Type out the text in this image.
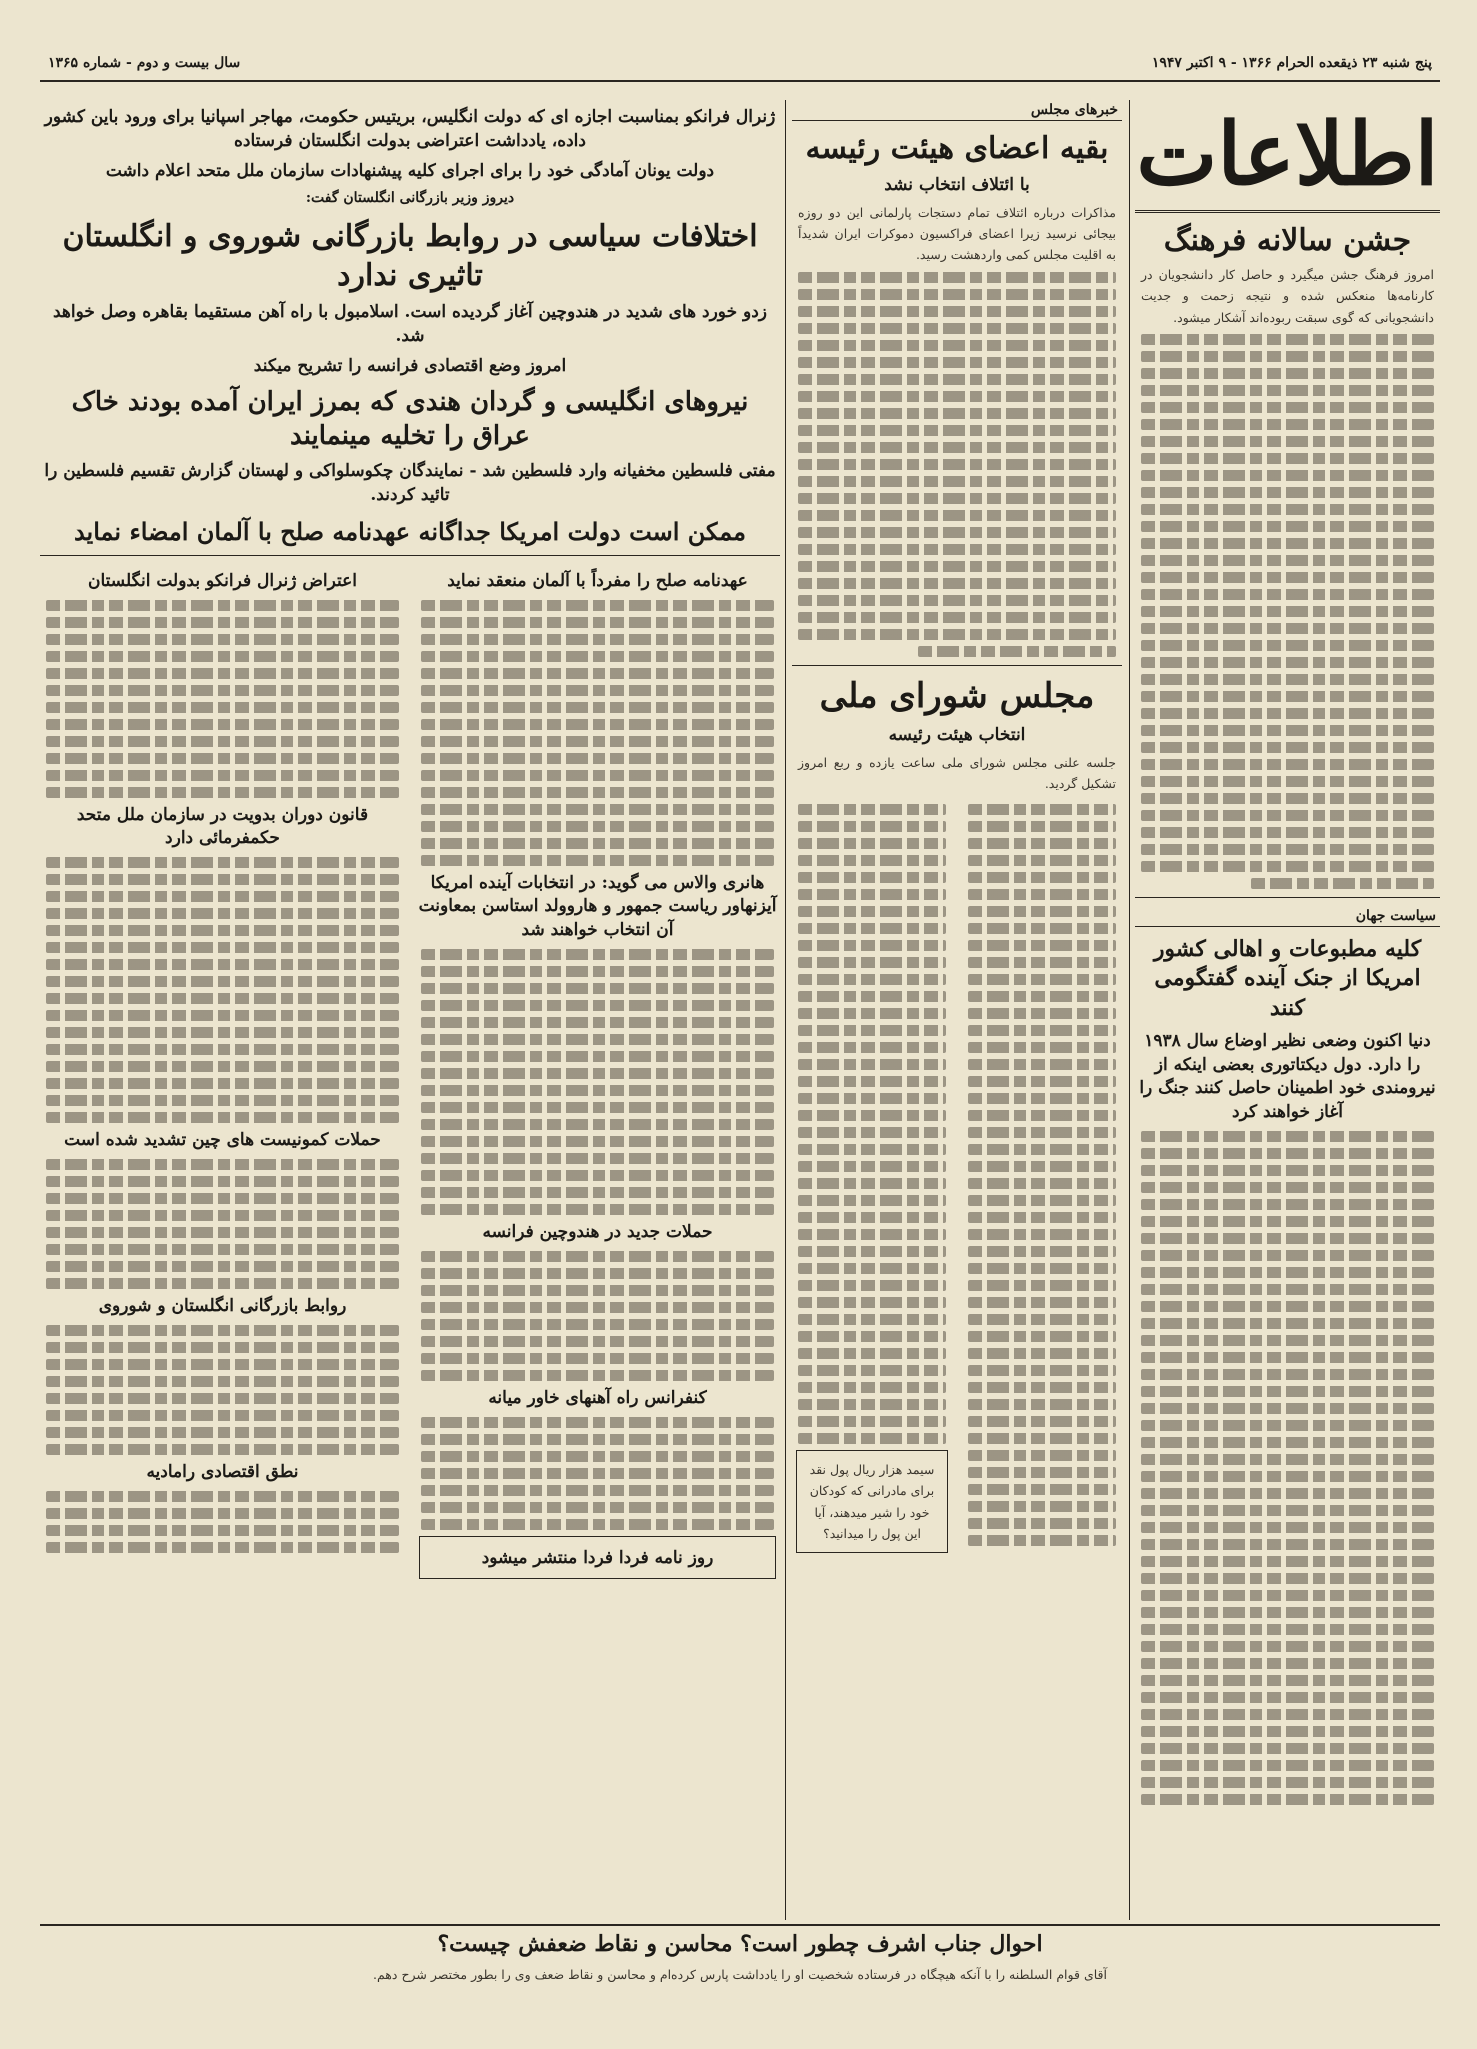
پنج شنبه ۲۳ ذیقعده الحرام ۱۳۶۶ - ۹ اکتبر ۱۹۴۷
سال بیست و دوم - شماره ۱۳۶۵
اطلاعات
جشن سالانه فرهنگ
امروز فرهنگ جشن میگیرد و حاصل کار دانشجویان در کارنامه‌ها منعکس شده و نتیجه زحمت و جدیت دانشجویانی که گوی سبقت ربوده‌اند آشکار میشود.
سیاست جهان
کلیه مطبوعات و اهالی کشور امریکا از جنک آینده گفتگومی کنند
دنیا اکنون وضعی نظیر اوضاع سال ۱۹۳۸ را دارد. دول دیکتاتوری بعضی اینکه از نیرومندی خود اطمینان حاصل کنند جنگ را آغاز خواهند کرد
خبرهای مجلس
بقیه اعضای هیئت رئیسه
با ائتلاف انتخاب نشد
مذاکرات درباره ائتلاف تمام دستجات پارلمانی این دو روزه بیجائی نرسید زیرا اعضای فراکسیون دموکرات ایران شدیداً به اقلیت مجلس کمی واردهشت رسید.
مجلس شورای ملی
انتخاب هیئت رئیسه
جلسه علنی مجلس شورای ملی ساعت یازده و ربع امروز تشکیل گردید.
سیمد هزار ریال پول نقد برای مادرانی که کودکان خود را شیر میدهند، آیا این پول را میدانید؟
ژنرال فرانکو بمناسبت اجازه ای که دولت انگلیس، بریتیس حکومت، مهاجر اسپانیا برای ورود باین کشور داده، یادداشت اعتراضی بدولت انگلستان فرستاده
دولت یونان آمادگی خود را برای اجرای کلیه پیشنهادات سازمان ملل متحد اعلام داشت
دیروز وزیر بازرگانی انگلستان گفت:
اختلافات سیاسی در روابط بازرگانی شوروی و انگلستان تاثیری ندارد
زدو خورد های شدید در هندوچین آغاز گردیده است. اسلامبول با راه آهن مستقیما بقاهره وصل خواهد شد.
امروز وضع اقتصادی فرانسه را تشریح میکند
نیروهای انگلیسی و گردان هندی که بمرز ایران آمده بودند خاک عراق را تخلیه مینمایند
مفتی فلسطین مخفیانه وارد فلسطین شد - نمایندگان چکوسلواکی و لهستان گزارش تقسیم فلسطین را تائید کردند.
ممکن است دولت امریکا جداگانه عهدنامه صلح با آلمان امضاء نماید
عهدنامه صلح را مفرداً با آلمان منعقد نماید
هانری والاس می گوید: در انتخابات آینده امریکا آیزنهاور ریاست جمهور و هاروولد استاسن بمعاونت آن انتخاب خواهند شد
حملات جدید در هندوچین فرانسه
کنفرانس راه آهنهای خاور میانه
روز نامه فردا فردا منتشر میشود
اعتراض ژنرال فرانکو بدولت انگلستان
قانون دوران بدویت در سازمان ملل متحد حکمفرمائی دارد
حملات کمونیست های چین تشدید شده است
روابط بازرگانی انگلستان و شوروی
نطق اقتصادی رامادیه
احوال جناب اشرف چطور است؟ محاسن و نقاط ضعفش چیست؟
آقای قوام السلطنه را با آنکه هیچگاه در فرستاده شخصیت او را یادداشت پارس کرده‌ام و محاسن و نقاط ضعف وی را بطور مختصر شرح دهم.
